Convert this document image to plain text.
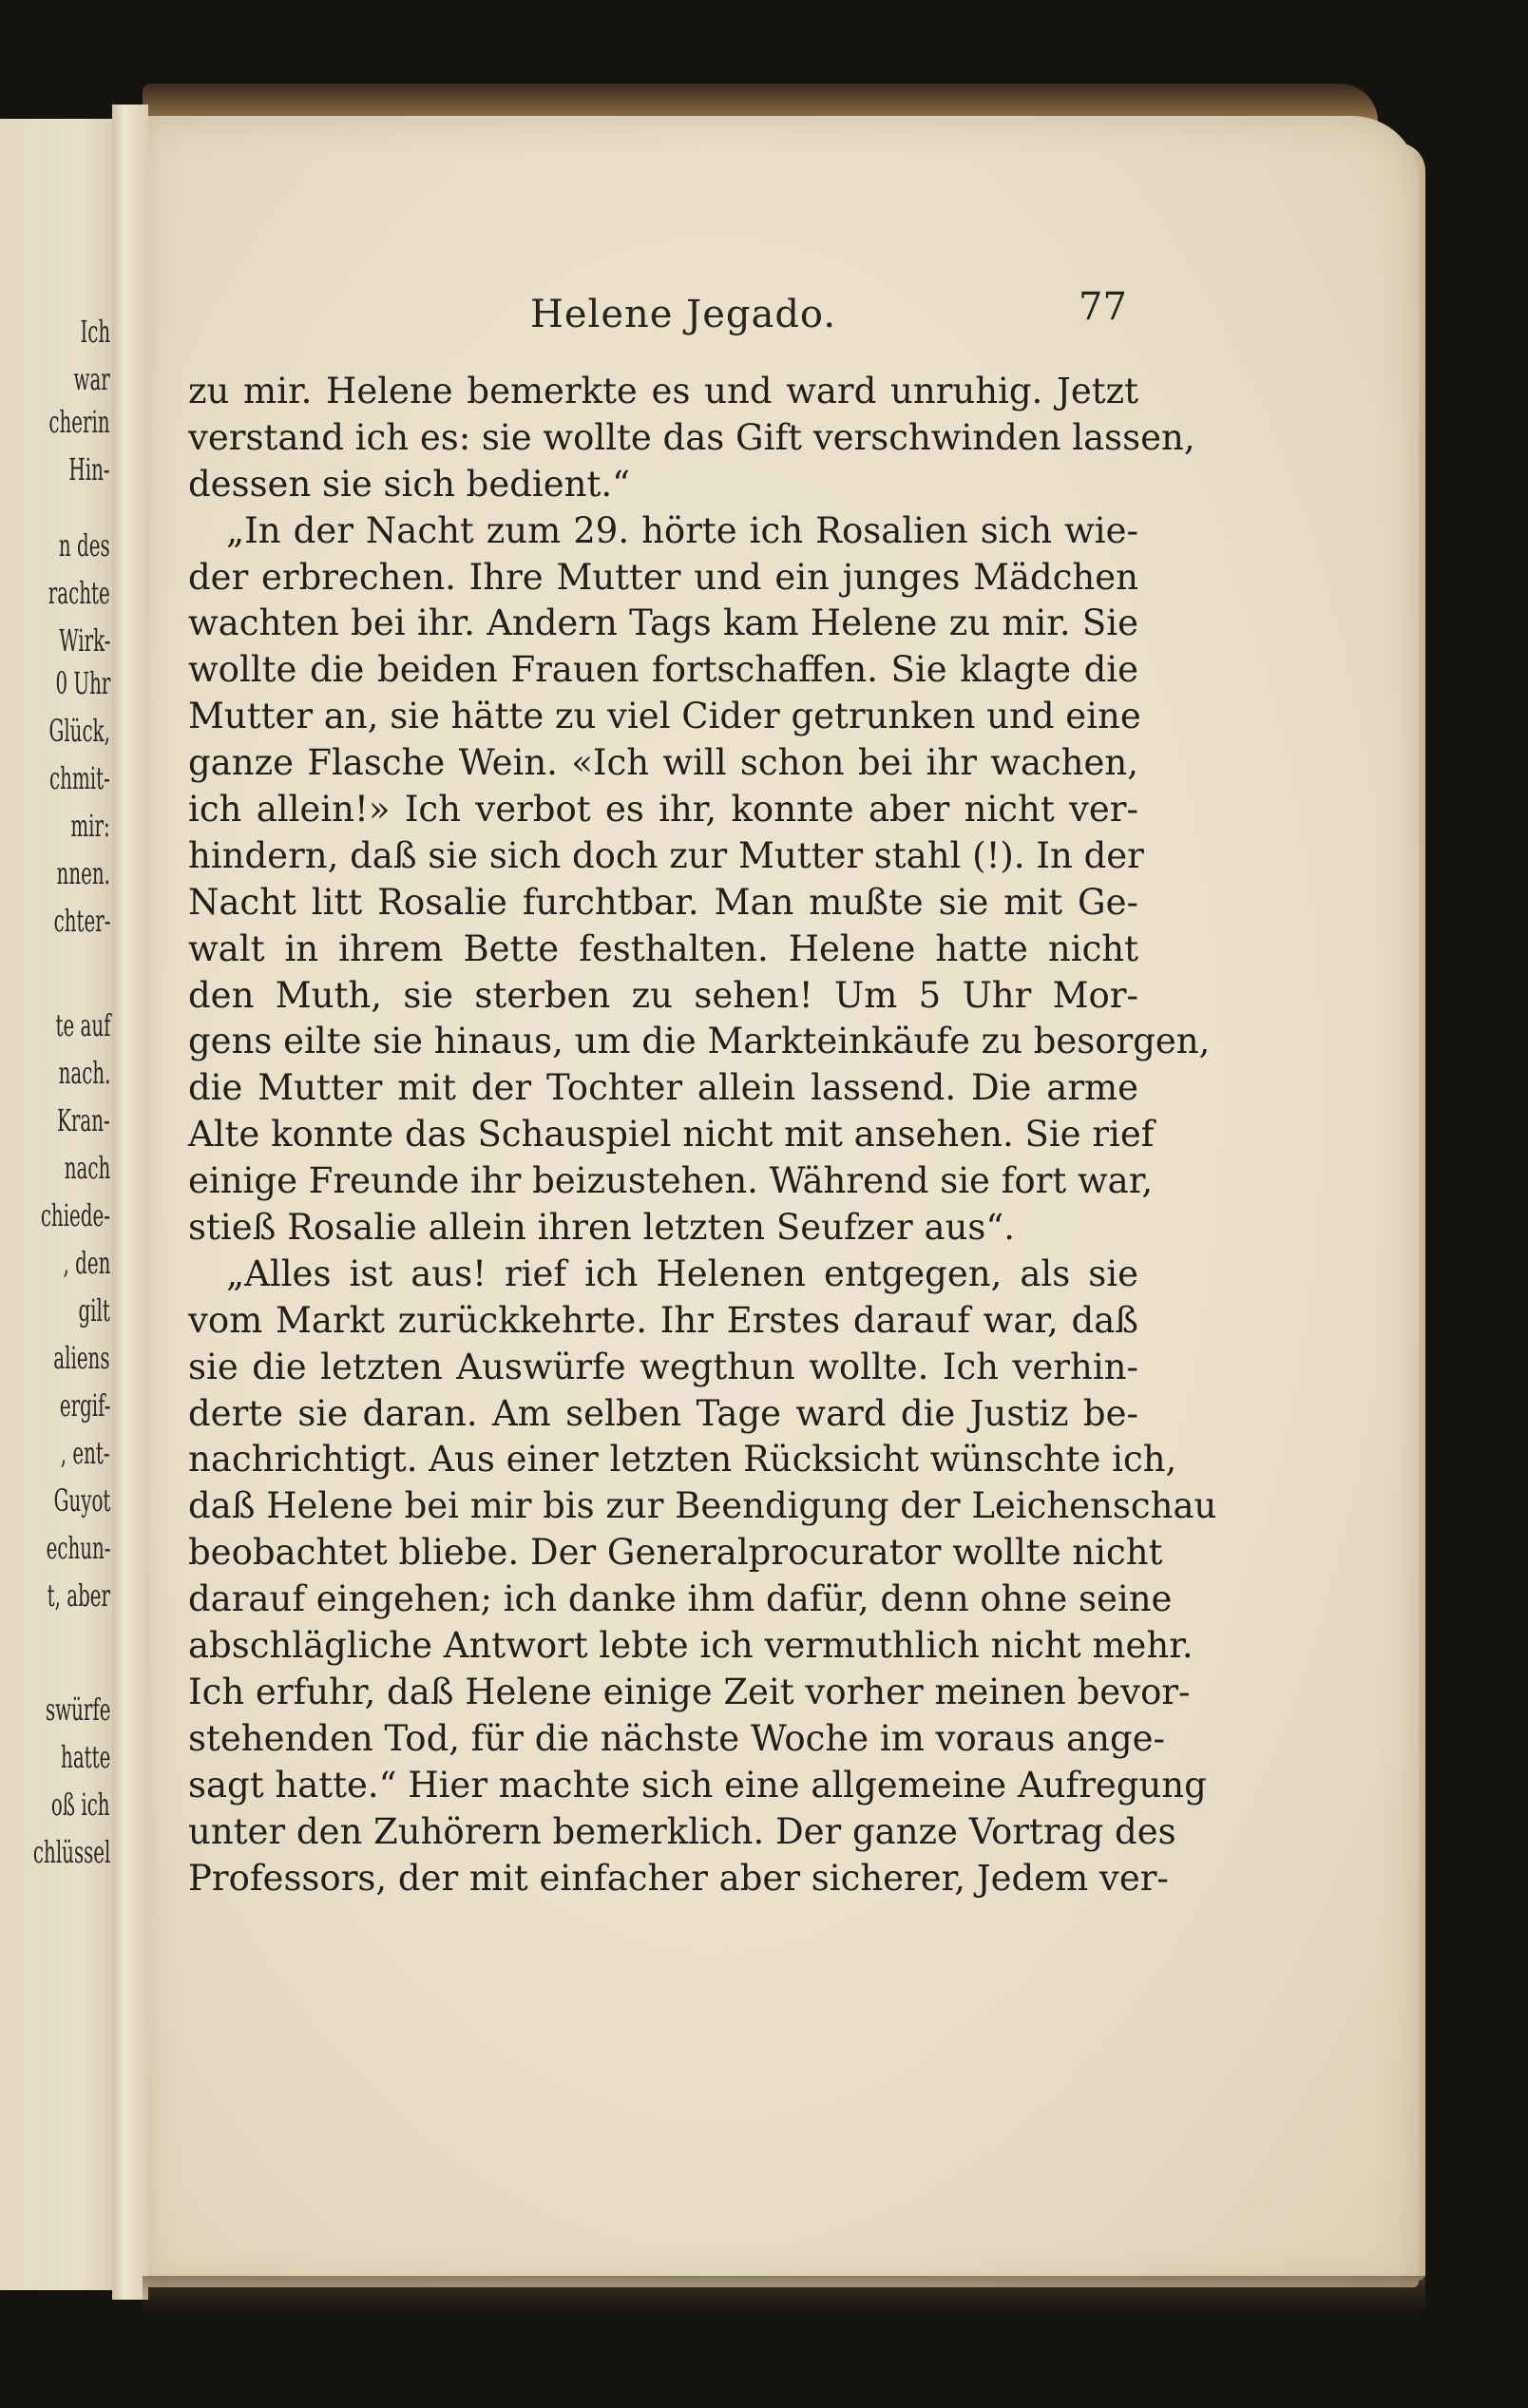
Ich
war
cherin
Hin-
n des
rachte
Wirk-
0 Uhr
Glück,
chmit-
mir:
nnen.
chter-
te auf
nach.
Kran-
nach
chiede-
, den
gilt
aliens
ergif-
, ent-
Guyot
echun-
t, aber
swürfe
hatte
oß ich
chlüssel
Helene Jegado.	77
zu mir. Helene bemerkte es und ward unruhig. Jetzt
verstand ich es: sie wollte das Gift verschwinden lassen,
dessen sie sich bedient.“
„In der Nacht zum 29. hörte ich Rosalien sich wie-
der erbrechen. Ihre Mutter und ein junges Mädchen
wachten bei ihr. Andern Tags kam Helene zu mir. Sie
wollte die beiden Frauen fortschaffen. Sie klagte die
Mutter an, sie hätte zu viel Cider getrunken und eine
ganze Flasche Wein. «Ich will schon bei ihr wachen,
ich allein!» Ich verbot es ihr, konnte aber nicht ver-
hindern, daß sie sich doch zur Mutter stahl (!). In der
Nacht litt Rosalie furchtbar. Man mußte sie mit Ge-
walt in ihrem Bette festhalten. Helene hatte nicht
den Muth, sie sterben zu sehen! Um 5 Uhr Mor-
gens eilte sie hinaus, um die Markteinkäufe zu besorgen,
die Mutter mit der Tochter allein lassend. Die arme
Alte konnte das Schauspiel nicht mit ansehen. Sie rief
einige Freunde ihr beizustehen. Während sie fort war,
stieß Rosalie allein ihren letzten Seufzer aus“.
„Alles ist aus! rief ich Helenen entgegen, als sie
vom Markt zurückkehrte. Ihr Erstes darauf war, daß
sie die letzten Auswürfe wegthun wollte. Ich verhin-
derte sie daran. Am selben Tage ward die Justiz be-
nachrichtigt. Aus einer letzten Rücksicht wünschte ich,
daß Helene bei mir bis zur Beendigung der Leichenschau
beobachtet bliebe. Der Generalprocurator wollte nicht
darauf eingehen; ich danke ihm dafür, denn ohne seine
abschlägliche Antwort lebte ich vermuthlich nicht mehr.
Ich erfuhr, daß Helene einige Zeit vorher meinen bevor-
stehenden Tod, für die nächste Woche im voraus ange-
sagt hatte.“ Hier machte sich eine allgemeine Aufregung
unter den Zuhörern bemerklich. Der ganze Vortrag des
Professors, der mit einfacher aber sicherer, Jedem ver-
